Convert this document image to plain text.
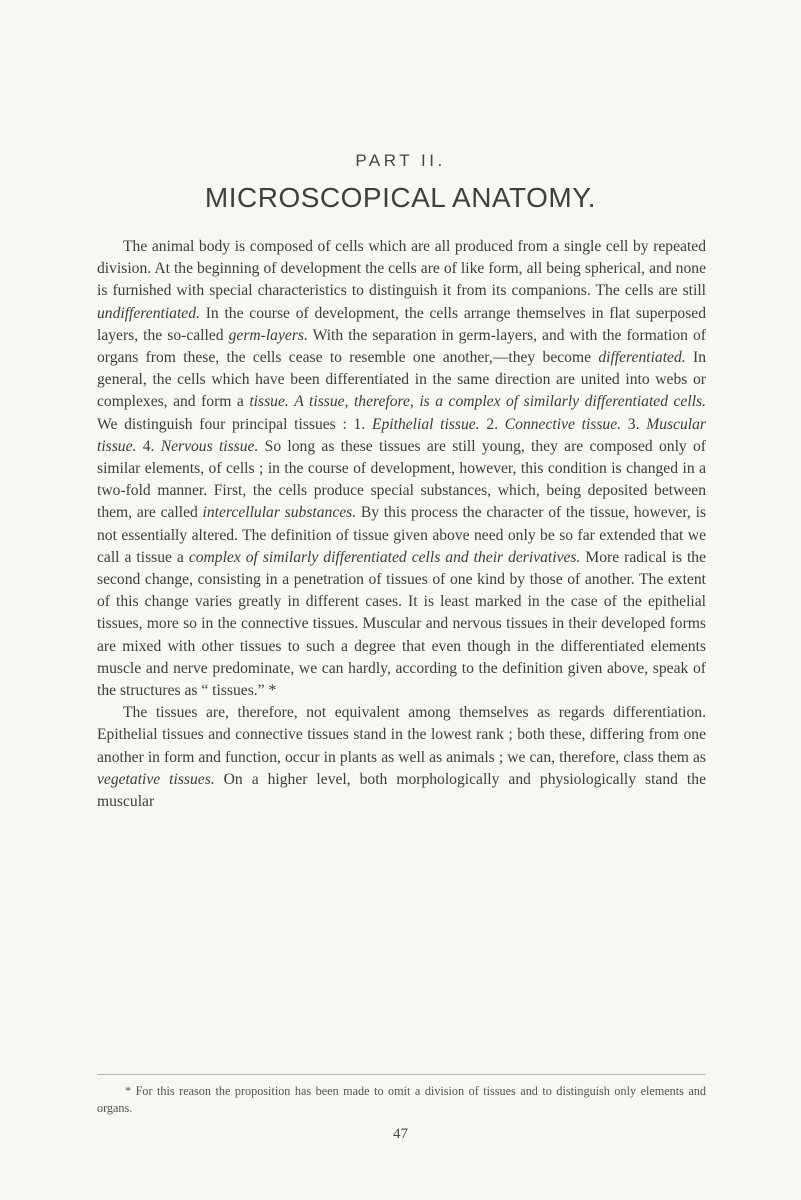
PART II.
MICROSCOPICAL ANATOMY.

The animal body is composed of cells which are all produced from a single cell by repeated division. At the beginning of development the cells are of like form, all being spherical, and none is furnished with special characteristics to distinguish it from its companions. The cells are still undifferentiated. In the course of development, the cells arrange themselves in flat superposed layers, the so-called germ-layers. With the separation in germ-layers, and with the formation of organs from these, the cells cease to resemble one another,—they become differentiated. In general, the cells which have been differentiated in the same direction are united into webs or complexes, and form a tissue. A tissue, therefore, is a complex of similarly differentiated cells. We distinguish four principal tissues : 1. Epithelial tissue. 2. Connective tissue. 3. Muscular tissue. 4. Nervous tissue. So long as these tissues are still young, they are composed only of similar elements, of cells ; in the course of development, however, this condition is changed in a two-fold manner. First, the cells produce special substances, which, being deposited between them, are called intercellular substances. By this process the character of the tissue, however, is not essentially altered. The definition of tissue given above need only be so far extended that we call a tissue a complex of similarly differentiated cells and their derivatives. More radical is the second change, consisting in a penetration of tissues of one kind by those of another. The extent of this change varies greatly in different cases. It is least marked in the case of the epithelial tissues, more so in the connective tissues. Muscular and nervous tissues in their developed forms are mixed with other tissues to such a degree that even though in the differentiated elements muscle and nerve predominate, we can hardly, according to the definition given above, speak of the structures as “ tissues.” *

The tissues are, therefore, not equivalent among themselves as regards differentiation. Epithelial tissues and connective tissues stand in the lowest rank ; both these, differing from one another in form and function, occur in plants as well as animals ; we can, therefore, class them as vegetative tissues. On a higher level, both morphologically and physiologically stand the muscular

* For this reason the proposition has been made to omit a division of tissues and to distinguish only elements and organs.
47
